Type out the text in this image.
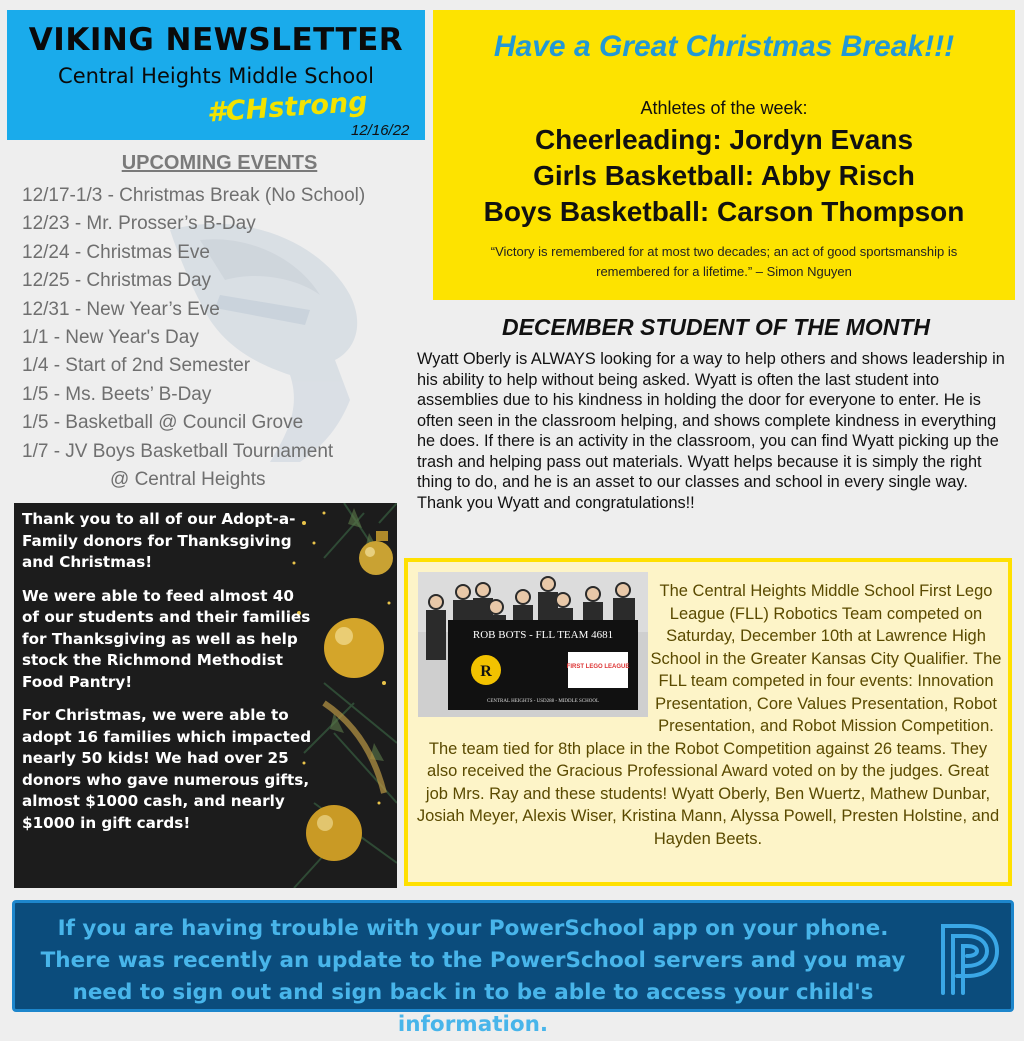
VIKING NEWSLETTER
Central Heights Middle School
#CHstrong
12/16/22
UPCOMING EVENTS
12/17-1/3 - Christmas Break (No School)
12/23 - Mr. Prosser’s B-Day
12/24 - Christmas Eve
12/25 - Christmas Day
12/31 - New Year’s Eve
1/1 - New Year's Day
1/4 - Start of 2nd Semester
1/5 - Ms. Beets’ B-Day
1/5 - Basketball @ Council Grove
1/7 - JV Boys Basketball Tournament
@ Central Heights
Have a Great Christmas Break!!!
Athletes of the week:
Cheerleading: Jordyn Evans
Girls Basketball: Abby Risch
Boys Basketball: Carson Thompson
“Victory is remembered for at most two decades; an act of good sportsmanship is
remembered for a lifetime.” – Simon Nguyen
DECEMBER STUDENT OF THE MONTH
Wyatt Oberly is ALWAYS looking for a way to help others and shows leadership in his ability to help without being asked. Wyatt is often the last student into assemblies due to his kindness in holding the door for everyone to enter. He is often seen in the classroom helping, and shows complete kindness in everything he does. If there is an activity in the classroom, you can find Wyatt picking up the trash and helping pass out materials. Wyatt helps because it is simply the right thing to do, and he is an asset to our classes and school in every single way. Thank you Wyatt and congratulations!!

Thank you to all of our Adopt-a-Family donors for Thanksgiving and Christmas!

We were able to feed almost 40 of our students and their families for Thanksgiving as well as help stock the Richmond Methodist Food Pantry!

For Christmas, we were able to adopt 16 families which impacted nearly 50 kids! We had over 25 donors who gave numerous gifts, almost $1000 cash, and nearly $1000 in gift cards!

ROB BOTS - FLL TEAM 4681
R	FIRST LEGO LEAGUE
CENTRAL HEIGHTS - USD288 - MIDDLE SCHOOL
The Central Heights Middle School First Lego League (FLL) Robotics Team competed on Saturday, December 10th at Lawrence High School in the Greater Kansas City Qualifier. The FLL team competed in four events: Innovation Presentation, Core Values Presentation, Robot Presentation, and Robot Mission Competition. The team tied for 8th place in the Robot Competition against 26 teams. They also received the Gracious Professional Award voted on by the judges. Great job Mrs. Ray and these students! Wyatt Oberly, Ben Wuertz, Mathew Dunbar, Josiah Meyer, Alexis Wiser, Kristina Mann, Alyssa Powell, Presten Holstine, and Hayden Beets.
If you are having trouble with your PowerSchool app on your phone. There was recently an update to the PowerSchool servers and you may need to sign out and sign back in to be able to access your child's information.
